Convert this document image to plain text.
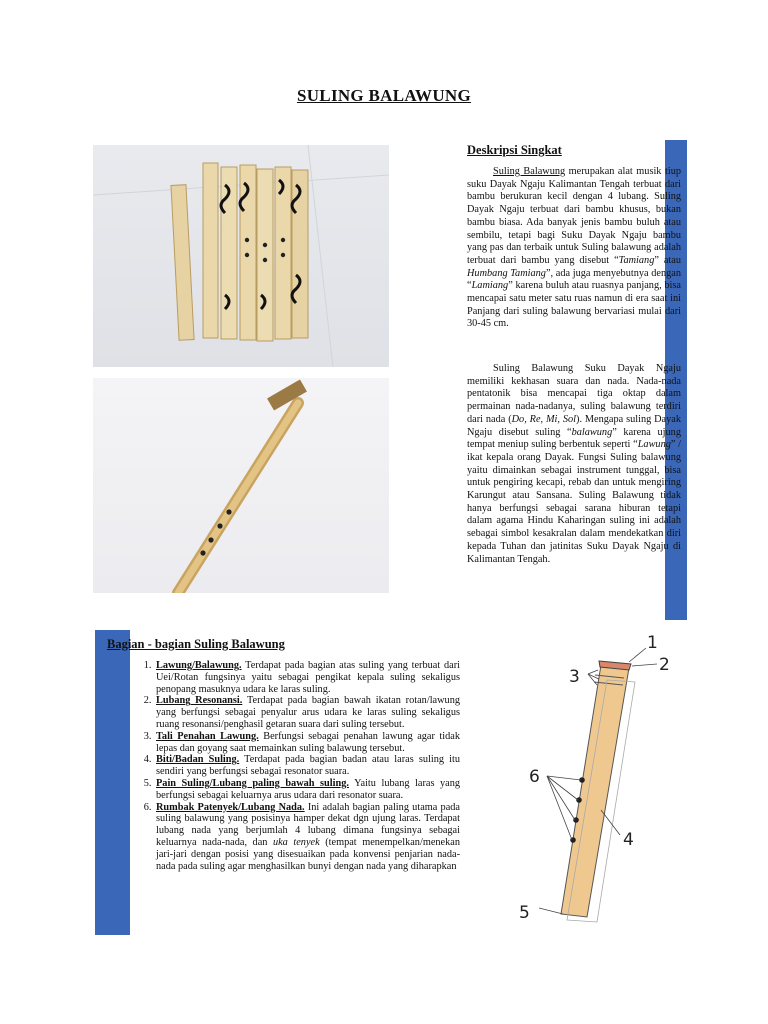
SULING BALAWUNG
Deskripsi Singkat

Suling Balawung merupakan alat musik tiup suku Dayak Ngaju Kalimantan Tengah terbuat dari bambu berukuran kecil dengan 4 lubang. Suling Dayak Ngaju terbuat dari bambu khusus, bukan bambu biasa. Ada banyak jenis bambu buluh atau sembilu, tetapi bagi Suku Dayak Ngaju bambu yang pas dan terbaik untuk Suling balawung adalah terbuat dari bambu yang disebut “Tamiang” atau Humbang Tamiang”, ada juga menyebutnya dengan “Lamiang” karena buluh atau ruasnya panjang, bisa mencapai satu meter satu ruas namun di era saat ini Panjang dari suling balawung bervariasi mulai dari 30-45 cm.

Suling Balawung Suku Dayak Ngaju memiliki kekhasan suara dan nada. Nada-nada pentatonik bisa mencapai tiga oktap dalam permainan nada-nadanya, suling balawung terdiri dari nada (Do, Re, Mi, Sol). Mengapa suling Dayak Ngaju disebut suling “balawung” karena ujung tempat meniup suling berbentuk seperti “Lawung” / ikat kepala orang Dayak. Fungsi Suling balawung yaitu dimainkan sebagai instrument tunggal, bisa untuk pengiring kecapi, rebab dan untuk mengiring Karungut atau Sansana. Suling Balawung tidak hanya berfungsi sebagai sarana hiburan tetapi dalam agama Hindu Kaharingan suling ini adalah sebagai simbol kesakralan dalam mendekatkan diri kepada Tuhan dan jatinitas Suku Dayak Ngaju di Kalimantan Tengah.

Bagian - bagian Suling Balawung
1. Lawung/Balawung. Terdapat pada bagian atas suling yang terbuat dari Uei/Rotan fungsinya yaitu sebagai pengikat kepala suling sekaligus penopang masuknya udara ke laras suling.
2. Lubang Resonansi. Terdapat pada bagian bawah ikatan rotan/lawung yang berfungsi sebagai penyalur arus udara ke laras suling sekaligus ruang resonansi/penghasil getaran suara dari suling tersebut.
3. Tali Penahan Lawung. Berfungsi sebagai penahan lawung agar tidak lepas dan goyang saat memainkan suling balawung tersebut.
4. Biti/Badan Suling. Terdapat pada bagian badan atau laras suling itu sendiri yang berfungsi sebagai resonator suara.
5. Pain Suling/Lubang paling bawah suling. Yaitu lubang laras yang berfungsi sebagai keluarnya arus udara dari resonator suara.
6. Rumbak Patenyek/Lubang Nada. Ini adalah bagian paling utama pada suling balawung yang posisinya hamper dekat dgn ujung laras. Terdapat lubang nada yang berjumlah 4 lubang dimana fungsinya sebagai keluarnya nada-nada, dan uka tenyek (tempat menempelkan/menekan jari-jari dengan posisi yang disesuaikan pada konvensi penjarian nada-nada pada suling agar menghasilkan bunyi dengan nada yang diharapkan
1
2
3
6
4
5
